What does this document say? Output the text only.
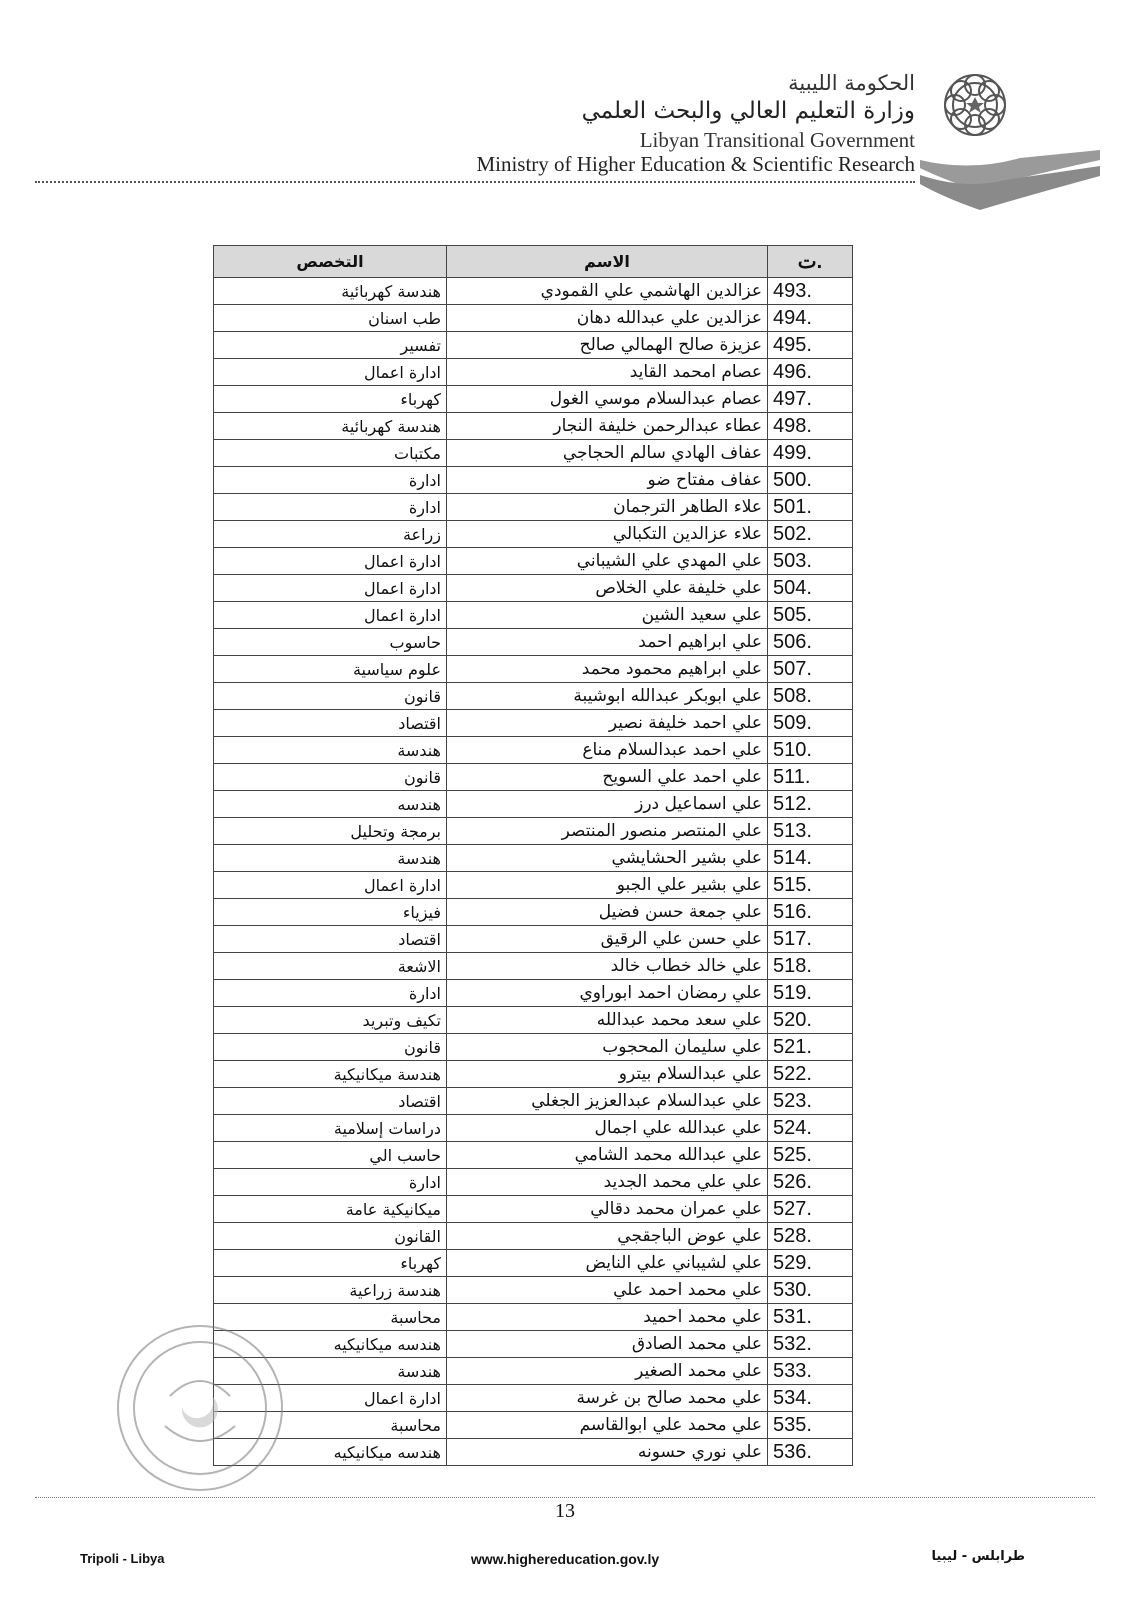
الحكومة الليبية
وزارة التعليم العالي والبحث العلمي
Libyan Transitional Government
Ministry of Higher Education & Scientific Research
ت.	الاسم	التخصص
493.	عزالدين الهاشمي علي القمودي	هندسة كهربائية
494.	عزالدين علي عبدالله دهان	طب اسنان
495.	عزيزة صالح الهمالي صالح	تفسير
496.	عصام امحمد القايد	ادارة اعمال
497.	عصام عبدالسلام موسي الغول	كهرباء
498.	عطاء عبدالرحمن خليفة النجار	هندسة كهربائية
499.	عفاف الهادي سالم الحجاجي	مكتبات
500.	عفاف مفتاح ضو	ادارة
501.	علاء الطاهر الترجمان	ادارة
502.	علاء عزالدين التكبالي	زراعة
503.	علي المهدي علي الشيباني	ادارة اعمال
504.	علي خليفة علي الخلاص	ادارة اعمال
505.	علي سعيد الشين	ادارة اعمال
506.	علي ابراهيم احمد	حاسوب
507.	علي ابراهيم محمود محمد	علوم سياسية
508.	علي ابوبكر عبدالله ابوشيبة	قانون
509.	علي احمد خليفة نصير	اقتصاد
510.	علي احمد عبدالسلام مناع	هندسة
511.	علي احمد علي السويح	قانون
512.	علي اسماعيل درز	هندسه
513.	علي المنتصر منصور المنتصر	برمجة وتحليل
514.	علي بشير الحشايشي	هندسة
515.	علي بشير علي الجبو	ادارة اعمال
516.	علي جمعة حسن فضيل	فيزياء
517.	علي حسن علي الرقيق	اقتصاد
518.	علي خالد خطاب خالد	الاشعة
519.	علي رمضان احمد ابوراوي	ادارة
520.	علي سعد محمد عبدالله	تكيف وتبريد
521.	علي سليمان المحجوب	قانون
522.	علي عبدالسلام بيترو	هندسة ميكانيكية
523.	علي عبدالسلام عبدالعزيز الجغلي	اقتصاد
524.	علي عبدالله علي اجمال	دراسات إسلامية
525.	علي عبدالله محمد الشامي	حاسب الي
526.	علي علي محمد الجديد	ادارة
527.	علي عمران محمد دقالي	ميكانيكية عامة
528.	علي عوض الباجقجي	القانون
529.	علي لشيباني علي النايض	كهرباء
530.	علي محمد احمد علي	هندسة زراعية
531.	علي محمد احميد	محاسبة
532.	علي محمد الصادق	هندسه ميكانيكيه
533.	علي محمد الصغير	هندسة
534.	علي محمد صالح بن غرسة	ادارة اعمال
535.	علي محمد علي ابوالقاسم	محاسبة
536.	علي نوري حسونه	هندسه ميكانيكيه
13
Tripoli - Libya	www.highereducation.gov.ly	طرابلس - ليبيا
